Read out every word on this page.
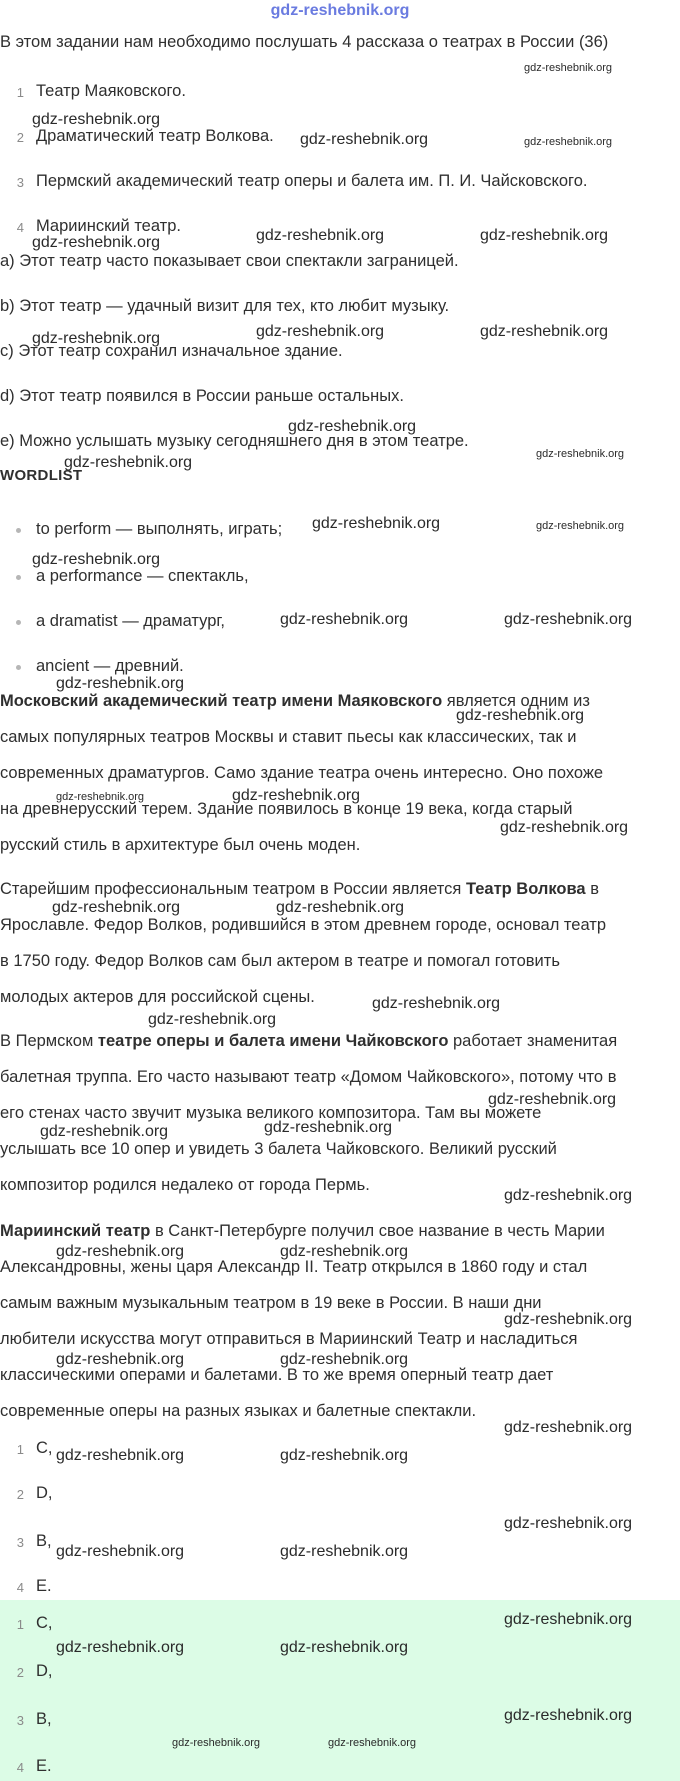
gdz-reshebnik.org
В этом задании нам необходимо послушать 4 рассказа о театрах в России (36)
1 Театр Маяковского.
2 Драматический театр Волкова.
3 Пермский академический театр оперы и балета им. П. И. Чайсковского.
4 Мариинский театр.
a) Этот театр часто показывает свои спектакли заграницей.
b) Этот театр — удачный визит для тех, кто любит музыку.
c) Этот театр сохранил изначальное здание.
d) Этот театр появился в России раньше остальных.
e) Можно услышать музыку сегодняшнего дня в этом театре.
WORDLIST
to perform — выполнять, играть;
a performance — спектакль,
a dramatist — драматург,
ancient — древний.
Московский академический театр имени Маяковского является одним из
самых популярных театров Москвы и ставит пьесы как классических, так и
современных драматургов. Само здание театра очень интересно. Оно похоже
на древнерусский терем. Здание появилось в конце 19 века, когда старый
русский стиль в архитектуре был очень моден.
Старейшим профессиональным театром в России является Театр Волкова в
Ярославле. Федор Волков, родившийся в этом древнем городе, основал театр
в 1750 году. Федор Волков сам был актером в театре и помогал готовить
молодых актеров для российской сцены.
В Пермском театре оперы и балета имени Чайковского работает знаменитая
балетная труппа. Его часто называют театр «Домом Чайковского», потому что в
его стенах часто звучит музыка великого композитора. Там вы можете
услышать все 10 опер и увидеть 3 балета Чайковского. Великий русский
композитор родился недалеко от города Пермь.
Мариинский театр в Санкт-Петербурге получил свое название в честь Марии
Александровны, жены царя Александр II. Театр открылся в 1860 году и стал
самым важным музыкальным театром в 19 веке в России. В наши дни
любители искусства могут отправиться в Мариинский Театр и насладиться
классическими операми и балетами. В то же время оперный театр дает
современные оперы на разных языках и балетные спектакли.
1 C,
2 D,
3 B,
4 E.
1 C,
2 D,
3 B,
4 E.
gdz-reshebnik.org
gdz-reshebnik.org
gdz-reshebnik.org	gdz-reshebnik.org
gdz-reshebnik.org	gdz-reshebnik.org	gdz-reshebnik.org
gdz-reshebnik.org	gdz-reshebnik.org	gdz-reshebnik.org
gdz-reshebnik.org
gdz-reshebnik.org
gdz-reshebnik.org
gdz-reshebnik.org	gdz-reshebnik.org
gdz-reshebnik.org
gdz-reshebnik.org	gdz-reshebnik.org
gdz-reshebnik.org
gdz-reshebnik.org
gdz-reshebnik.org	gdz-reshebnik.org
gdz-reshebnik.org
gdz-reshebnik.org	gdz-reshebnik.org
gdz-reshebnik.org
gdz-reshebnik.org
gdz-reshebnik.org
gdz-reshebnik.org	gdz-reshebnik.org
gdz-reshebnik.org
gdz-reshebnik.org	gdz-reshebnik.org
gdz-reshebnik.org
gdz-reshebnik.org	gdz-reshebnik.org
gdz-reshebnik.org
gdz-reshebnik.org	gdz-reshebnik.org
gdz-reshebnik.org
gdz-reshebnik.org	gdz-reshebnik.org
gdz-reshebnik.org
gdz-reshebnik.org	gdz-reshebnik.org
gdz-reshebnik.org
gdz-reshebnik.org	gdz-reshebnik.org
